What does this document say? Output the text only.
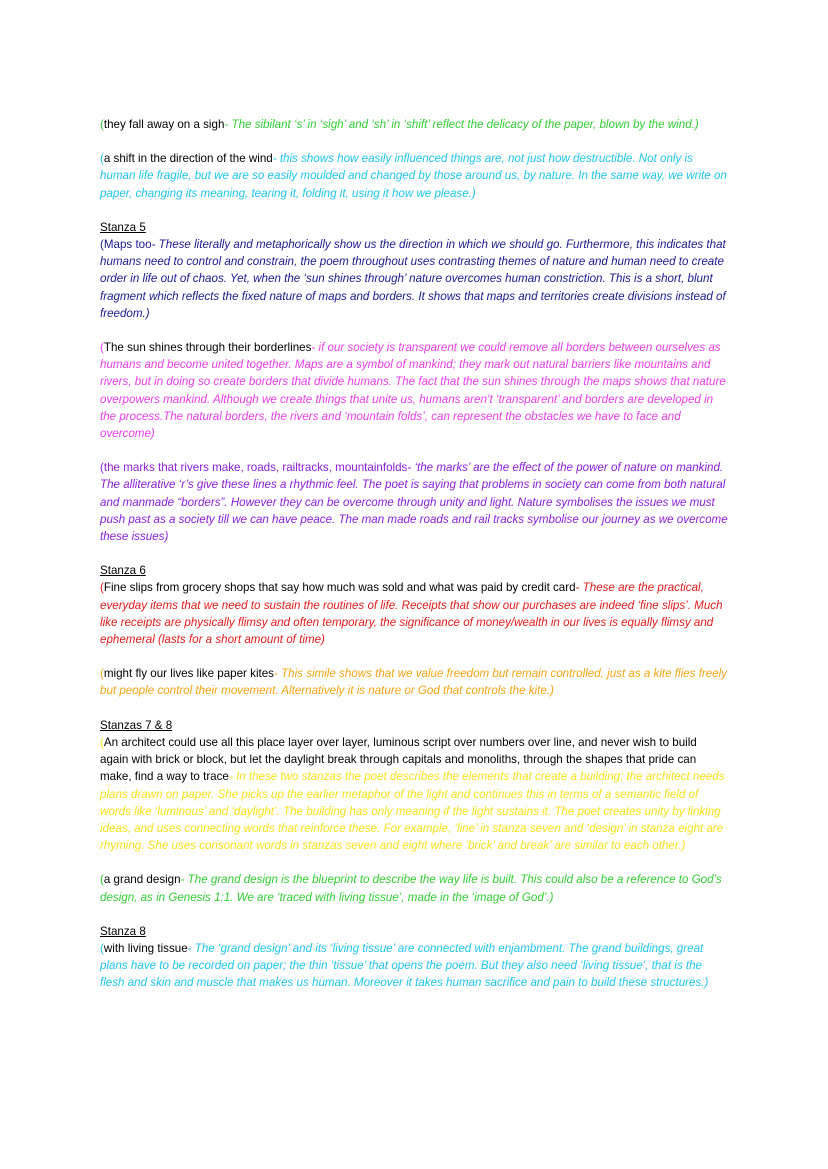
(they fall away on a sigh- The sibilant ‘s’ in ‘sigh’ and ‘sh’ in ‘shift’ reflect the delicacy of the paper, blown by the wind.)

(a shift in the direction of the wind- this shows how easily influenced things are, not just how destructible. Not only is human life fragile, but we are so easily moulded and changed by those around us, by nature. In the same way, we write on paper, changing its meaning, tearing it, folding it, using it how we please.)

Stanza 5

(Maps too- These literally and metaphorically show us the direction in which we should go. Furthermore, this indicates that humans need to control and constrain, the poem throughout uses contrasting themes of nature and human need to create order in life out of chaos. Yet, when the ‘sun shines through’ nature overcomes human constriction. This is a short, blunt fragment which reflects the fixed nature of maps and borders. It shows that maps and territories create divisions instead of freedom.)

(The sun shines through their borderlines- if our society is transparent we could remove all borders between ourselves as humans and become united together. Maps are a symbol of mankind; they mark out natural barriers like mountains and rivers, but in doing so create borders that divide humans. The fact that the sun shines through the maps shows that nature overpowers mankind. Although we create things that unite us, humans aren’t ‘transparent’ and borders are developed in the process.The natural borders, the rivers and ‘mountain folds’, can represent the obstacles we have to face and overcome)

(the marks that rivers make, roads, railtracks, mountainfolds- ‘the marks’ are the effect of the power of nature on mankind. The alliterative ‘r’s give these lines a rhythmic feel. The poet is saying that problems in society can come from both natural and manmade “borders”. However they can be overcome through unity and light. Nature symbolises the issues we must push past as a society till we can have peace. The man made roads and rail tracks symbolise our journey as we overcome these issues)

Stanza 6

(Fine slips from grocery shops that say how much was sold and what was paid by credit card- These are the practical, everyday items that we need to sustain the routines of life. Receipts that show our purchases are indeed ‘fine slips’. Much like receipts are physically flimsy and often temporary, the significance of money/wealth in our lives is equally flimsy and ephemeral (lasts for a short amount of time)

(might fly our lives like paper kites- This simile shows that we value freedom but remain controlled, just as a kite flies freely but people control their movement. Alternatively it is nature or God that controls the kite.)

Stanzas 7 & 8

(An architect could use all this place layer over layer, luminous script over numbers over line, and never wish to build again with brick or block, but let the daylight break through capitals and monoliths, through the shapes that pride can make, find a way to trace- In these two stanzas the poet describes the elements that create a building; the architect needs plans drawn on paper. She picks up the earlier metaphor of the light and continues this in terms of a semantic field of words like ‘luminous’ and ‘daylight’. The building has only meaning if the light sustains it. The poet creates unity by linking ideas, and uses connecting words that reinforce these. For example, ‘line’ in stanza seven and ‘design’ in stanza eight are rhyming. She uses consonant words in stanzas seven and eight where ‘brick’ and break’ are similar to each other.)

(a grand design- The grand design is the blueprint to describe the way life is built. This could also be a reference to God’s design, as in Genesis 1:1. We are ‘traced with living tissue’, made in the ‘image of God’.)

Stanza 8

(with living tissue- The ‘grand design’ and its ‘living tissue’ are connected with enjambment. The grand buildings, great plans have to be recorded on paper; the thin ‘tissue’ that opens the poem. But they also need ‘living tissue’, that is the flesh and skin and muscle that makes us human. Moreover it takes human sacrifice and pain to build these structures.)
